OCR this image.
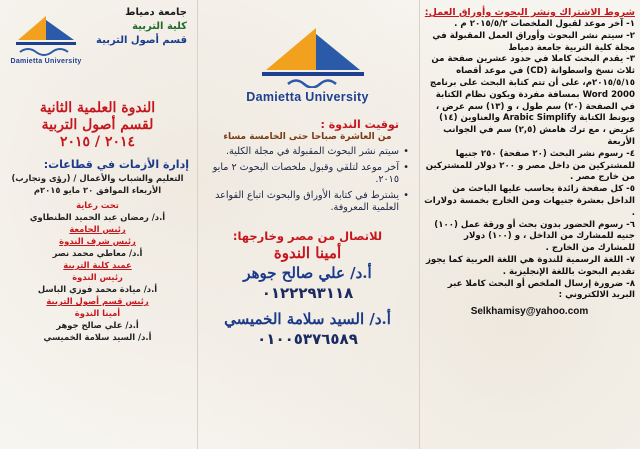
جامعة دمياط
كلية التربية
قسم أصول التربية
Damietta University
الندوة العلمية الثانية
لقسم أصول التربية
٢٠١٤ / ٢٠١٥
إدارة الأزمات في قطاعات:
التعليم والشباب والأعمال / (رؤى وتجارب)
الأربعاء الموافق ٢٠ مايو ٢٠١٥م
تحت رعاية
أ.د/ رمضان عبد الحميد الطنطاوي
رئيس الجامعة
رئيس شرف الندوة
أ.د/ معاطي محمد نصر
عميد كلية التربية
رئيس الندوة
أ.د/ ميادة محمد فوزي الباسل
رئيس قسم أصول التربية
أمينا الندوة
أ.د/ علي صالح جوهر
أ.د/ السيد سلامة الخميسي
Damietta University
توقيت الندوة :
من العاشرة صباحا حتى الخامسة مساء
• سيتم نشر البحوث المقبولة في مجلة الكلية.
• آخر موعد لتلقي وقبول ملخصات البحوث ٢ مايو ٢٠١٥.
• يشترط في كتابة الأوراق والبحوث اتباع القواعد العلمية المعروفة.
للاتصال من مصر وخارجها:
أمينا الندوة
أ.د/ علي صالح جوهر
٠١٢٢٢٩٣١١٨
أ.د/ السيد سلامة الخميسي
٠١٠٠٥٣٧٦٥٨٩
شروط الاشتراك ونشر البحوث وأوراق العمل:
١- آخر موعد لقبول الملخصات ٢٠١٥/٥/٢ م .
٢- سيتم نشر البحوث وأوراق العمل المقبولة في مجلة كلية التربية جامعة دمياط
٣- يقدم البحث كاملا في حدود عشرين صفحة من ثلاث نسخ واسطوانة (CD) في موعد أقصاه ٢٠١٥/٥/١٥م، على أن تتم كتابة البحث على برنامج Word 2000 بمسافة مفردة ويكون نظام الكتابة في الصفحة (٢٠) سم طول ، و (١٣) سم عرض ، ويونط الكتابة Arabic Simplify والعناوين (١٤) عريض ، مع ترك هامش (٢,٥) سم في الجوانب الأربعة
٤- رسوم نشر البحث (٢٠ صفحة) ٢٥٠ جنيها للمشتركين من داخل مصر و ٢٠٠ دولار للمشتركين من خارج مصر .
٥- كل صفحة زائدة يحاسب عليها الباحث من الداخل بعشرة جنيهات ومن الخارج بخمسة دولارات .
٦- رسوم الحضور بدون بحث أو ورقة عمل (١٠٠) جنيه للمشارك من الداخل ، و (١٠٠) دولار للمشارك من الخارج .
٧- اللغة الرسمية للندوة هي اللغة العربية كما يجوز تقديم البحوث باللغة الإنجليزية .
٨- ضرورة إرسال الملخص أو البحث كاملا عبر البريد الالكتروني :
Selkhamisy@yahoo.com
